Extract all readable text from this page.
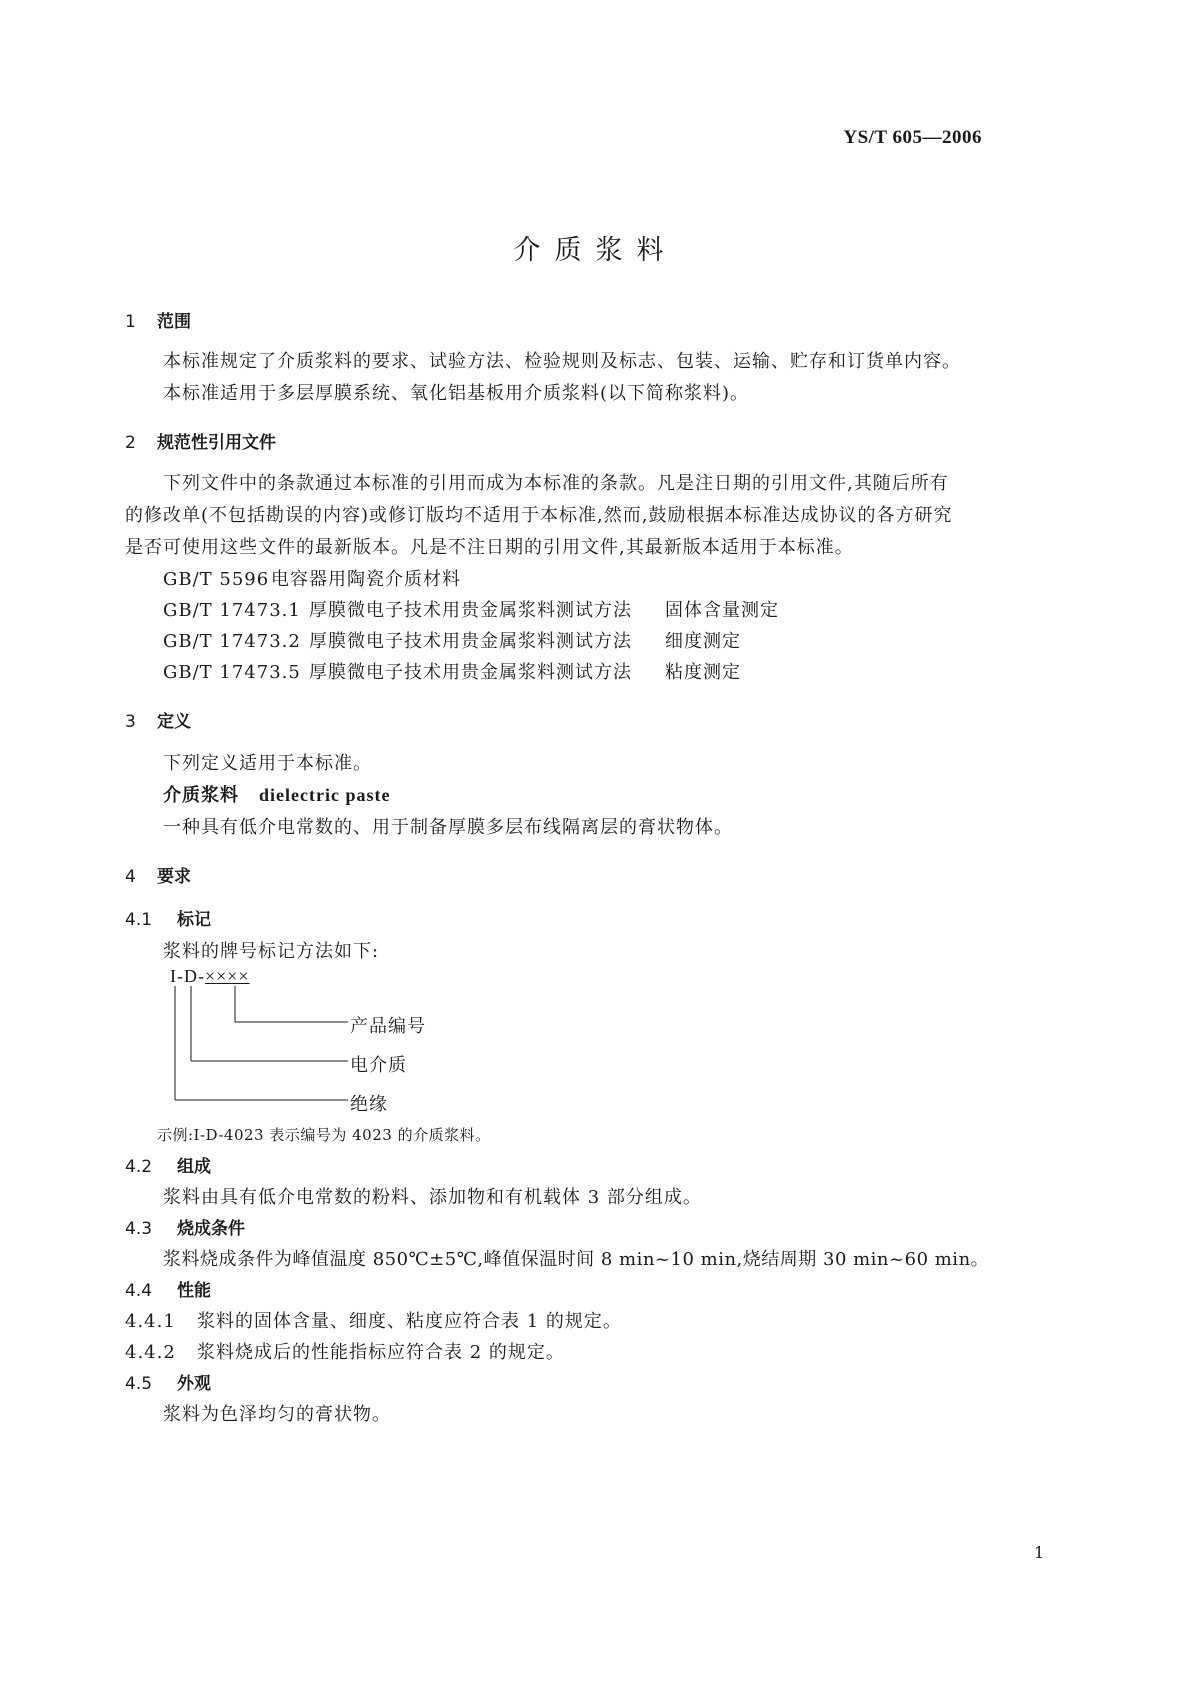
YS/T 605—2006
介质浆料
1 范围
本标准规定了介质浆料的要求、试验方法、检验规则及标志、包装、运输、贮存和订货单内容。
本标准适用于多层厚膜系统、氧化铝基板用介质浆料(以下简称浆料)。
2 规范性引用文件
下列文件中的条款通过本标准的引用而成为本标准的条款。凡是注日期的引用文件,其随后所有
的修改单(不包括勘误的内容)或修订版均不适用于本标准,然而,鼓励根据本标准达成协议的各方研究
是否可使用这些文件的最新版本。凡是不注日期的引用文件,其最新版本适用于本标准。
GB/T 5596电容器用陶瓷介质材料
GB/T 17473.1 厚膜微电子技术用贵金属浆料测试方法 固体含量测定
GB/T 17473.2 厚膜微电子技术用贵金属浆料测试方法 细度测定
GB/T 17473.5 厚膜微电子技术用贵金属浆料测试方法 粘度测定
3 定义
下列定义适用于本标准。
介质浆料 dielectric paste
一种具有低介电常数的、用于制备厚膜多层布线隔离层的膏状物体。
4 要求
4.1 标记
浆料的牌号标记方法如下:
I-D-××××
产品编号
电介质
绝缘
示例:I-D-4023 表示编号为 4023 的介质浆料。
4.2 组成
浆料由具有低介电常数的粉料、添加物和有机载体 3 部分组成。
4.3 烧成条件
浆料烧成条件为峰值温度 850℃±5℃,峰值保温时间 8 min~10 min,烧结周期 30 min~60 min。
4.4 性能
4.4.1 浆料的固体含量、细度、粘度应符合表 1 的规定。
4.4.2 浆料烧成后的性能指标应符合表 2 的规定。
4.5 外观
浆料为色泽均匀的膏状物。
1
